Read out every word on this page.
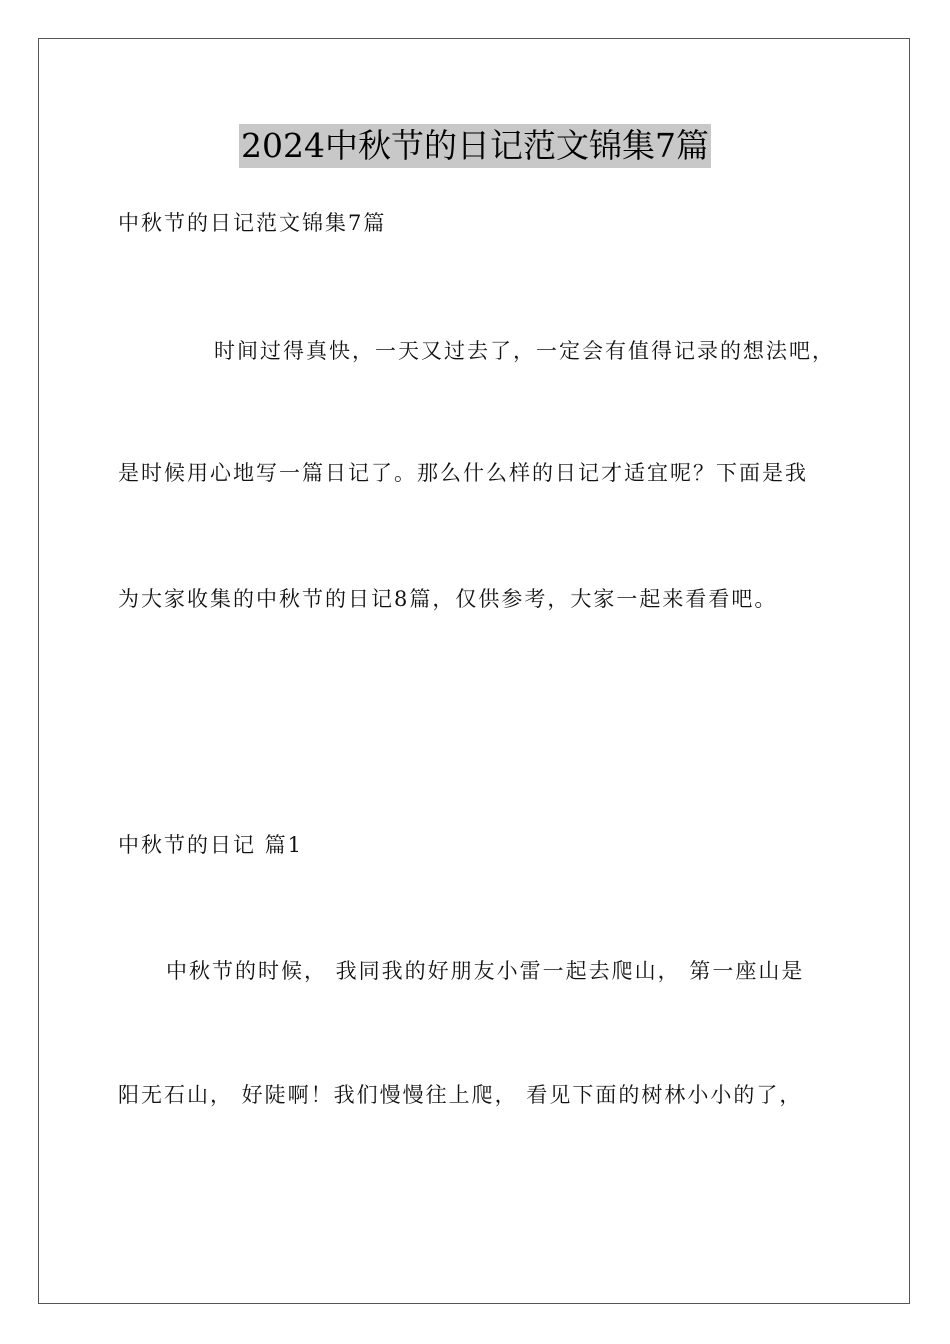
2024中秋节的日记范文锦集7篇
中秋节的日记范文锦集7篇
时间过得真快，一天又过去了，一定会有值得记录的想法吧，
是时候用心地写一篇日记了。那么什么样的日记才适宜呢？下面是我
为大家收集的中秋节的日记8篇，仅供参考，大家一起来看看吧。
中秋节的日记 篇1
中秋节的时候， 我同我的好朋友小雷一起去爬山， 第一座山是
阳无石山， 好陡啊！我们慢慢往上爬， 看见下面的树林小小的了，
